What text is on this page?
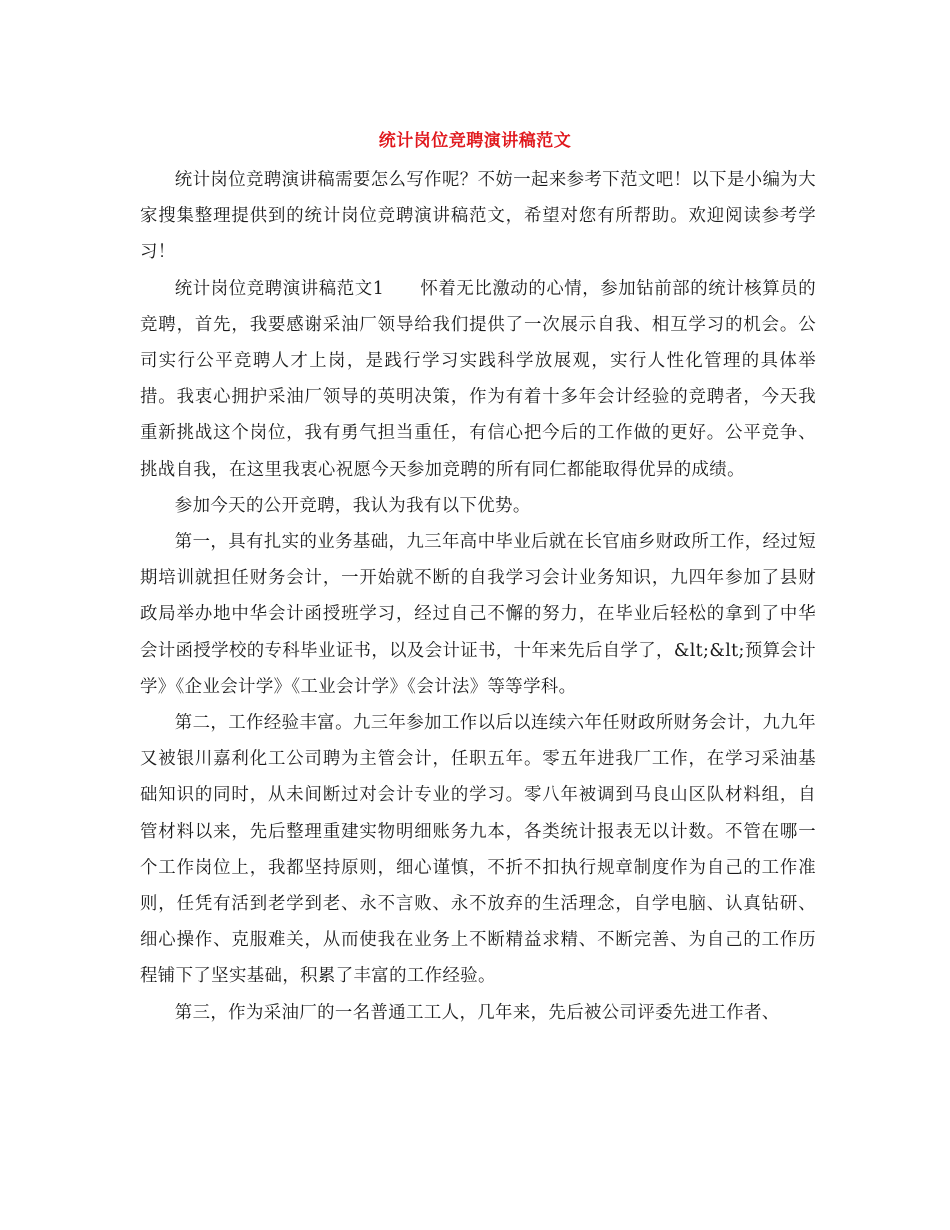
统计岗位竞聘演讲稿范文

统计岗位竞聘演讲稿需要怎么写作呢？不妨一起来参考下范文吧！以下是小编为大家搜集整理提供到的统计岗位竞聘演讲稿范文，希望对您有所帮助。欢迎阅读参考学习！

统计岗位竞聘演讲稿范文1　　怀着无比激动的心情，参加钻前部的统计核算员的竞聘，首先，我要感谢采油厂领导给我们提供了一次展示自我、相互学习的机会。公司实行公平竞聘人才上岗，是践行学习实践科学放展观，实行人性化管理的具体举措。我衷心拥护采油厂领导的英明决策，作为有着十多年会计经验的竞聘者，今天我重新挑战这个岗位，我有勇气担当重任，有信心把今后的工作做的更好。公平竞争、挑战自我，在这里我衷心祝愿今天参加竞聘的所有同仁都能取得优异的成绩。

参加今天的公开竞聘，我认为我有以下优势。

第一，具有扎实的业务基础，九三年高中毕业后就在长官庙乡财政所工作，经过短期培训就担任财务会计，一开始就不断的自我学习会计业务知识，九四年参加了县财政局举办地中华会计函授班学习，经过自己不懈的努力，在毕业后轻松的拿到了中华会计函授学校的专科毕业证书，以及会计证书，十年来先后自学了，&lt;&lt;预算会计学》《企业会计学》《工业会计学》《会计法》等等学科。

第二，工作经验丰富。九三年参加工作以后以连续六年任财政所财务会计，九九年又被银川嘉利化工公司聘为主管会计，任职五年。零五年进我厂工作，在学习采油基础知识的同时，从未间断过对会计专业的学习。零八年被调到马良山区队材料组，自管材料以来，先后整理重建实物明细账务九本，各类统计报表无以计数。不管在哪一个工作岗位上，我都坚持原则，细心谨慎，不折不扣执行规章制度作为自己的工作准则，任凭有活到老学到老、永不言败、永不放弃的生活理念，自学电脑、认真钻研、细心操作、克服难关，从而使我在业务上不断精益求精、不断完善、为自己的工作历程铺下了坚实基础，积累了丰富的工作经验。

第三，作为采油厂的一名普通工工人，几年来，先后被公司评委先进工作者、
